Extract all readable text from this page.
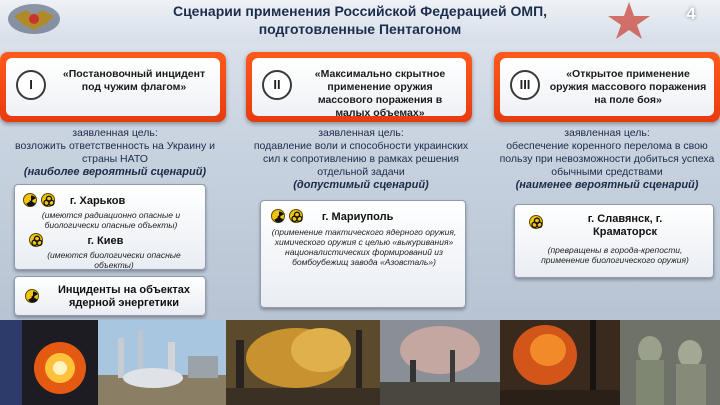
Сценарии применения Российской Федерацией ОМП,
подготовленные Пентагоном
4
I
«Постановочный инцидент под чужим флагом»	II
«Максимально скрытное применение оружия массового поражения в малых объемах»
III
«Открытое применение оружия массового поражения на поле боя»
заявленная цель:
возложить ответственность на Украину и страны НАТО
(наиболее вероятный сценарий)
заявленная цель:
подавление воли и способности украинских сил к сопротивлению в рамках решения отдельной задачи
(допустимый сценарий)
заявленная цель:
обеспечение коренного перелома в свою пользу при невозможности добиться успеха обычными средствами
(наименее вероятный сценарий)

г. Харьков
(имеются радиационно опасные и биологически опасные объекты)
г. Киев
(имеются биологически опасные объекты)
Инциденты на объектах ядерной энергетики

г. Мариуполь
(применение тактического ядерного оружия, химического оружия с целью «выкуривания» националистических формирований из бомбоубежищ завода «Азовсталь»)
г. Славянск, г. Краматорск
(превращены в города-крепости, применение биологического оружия)
